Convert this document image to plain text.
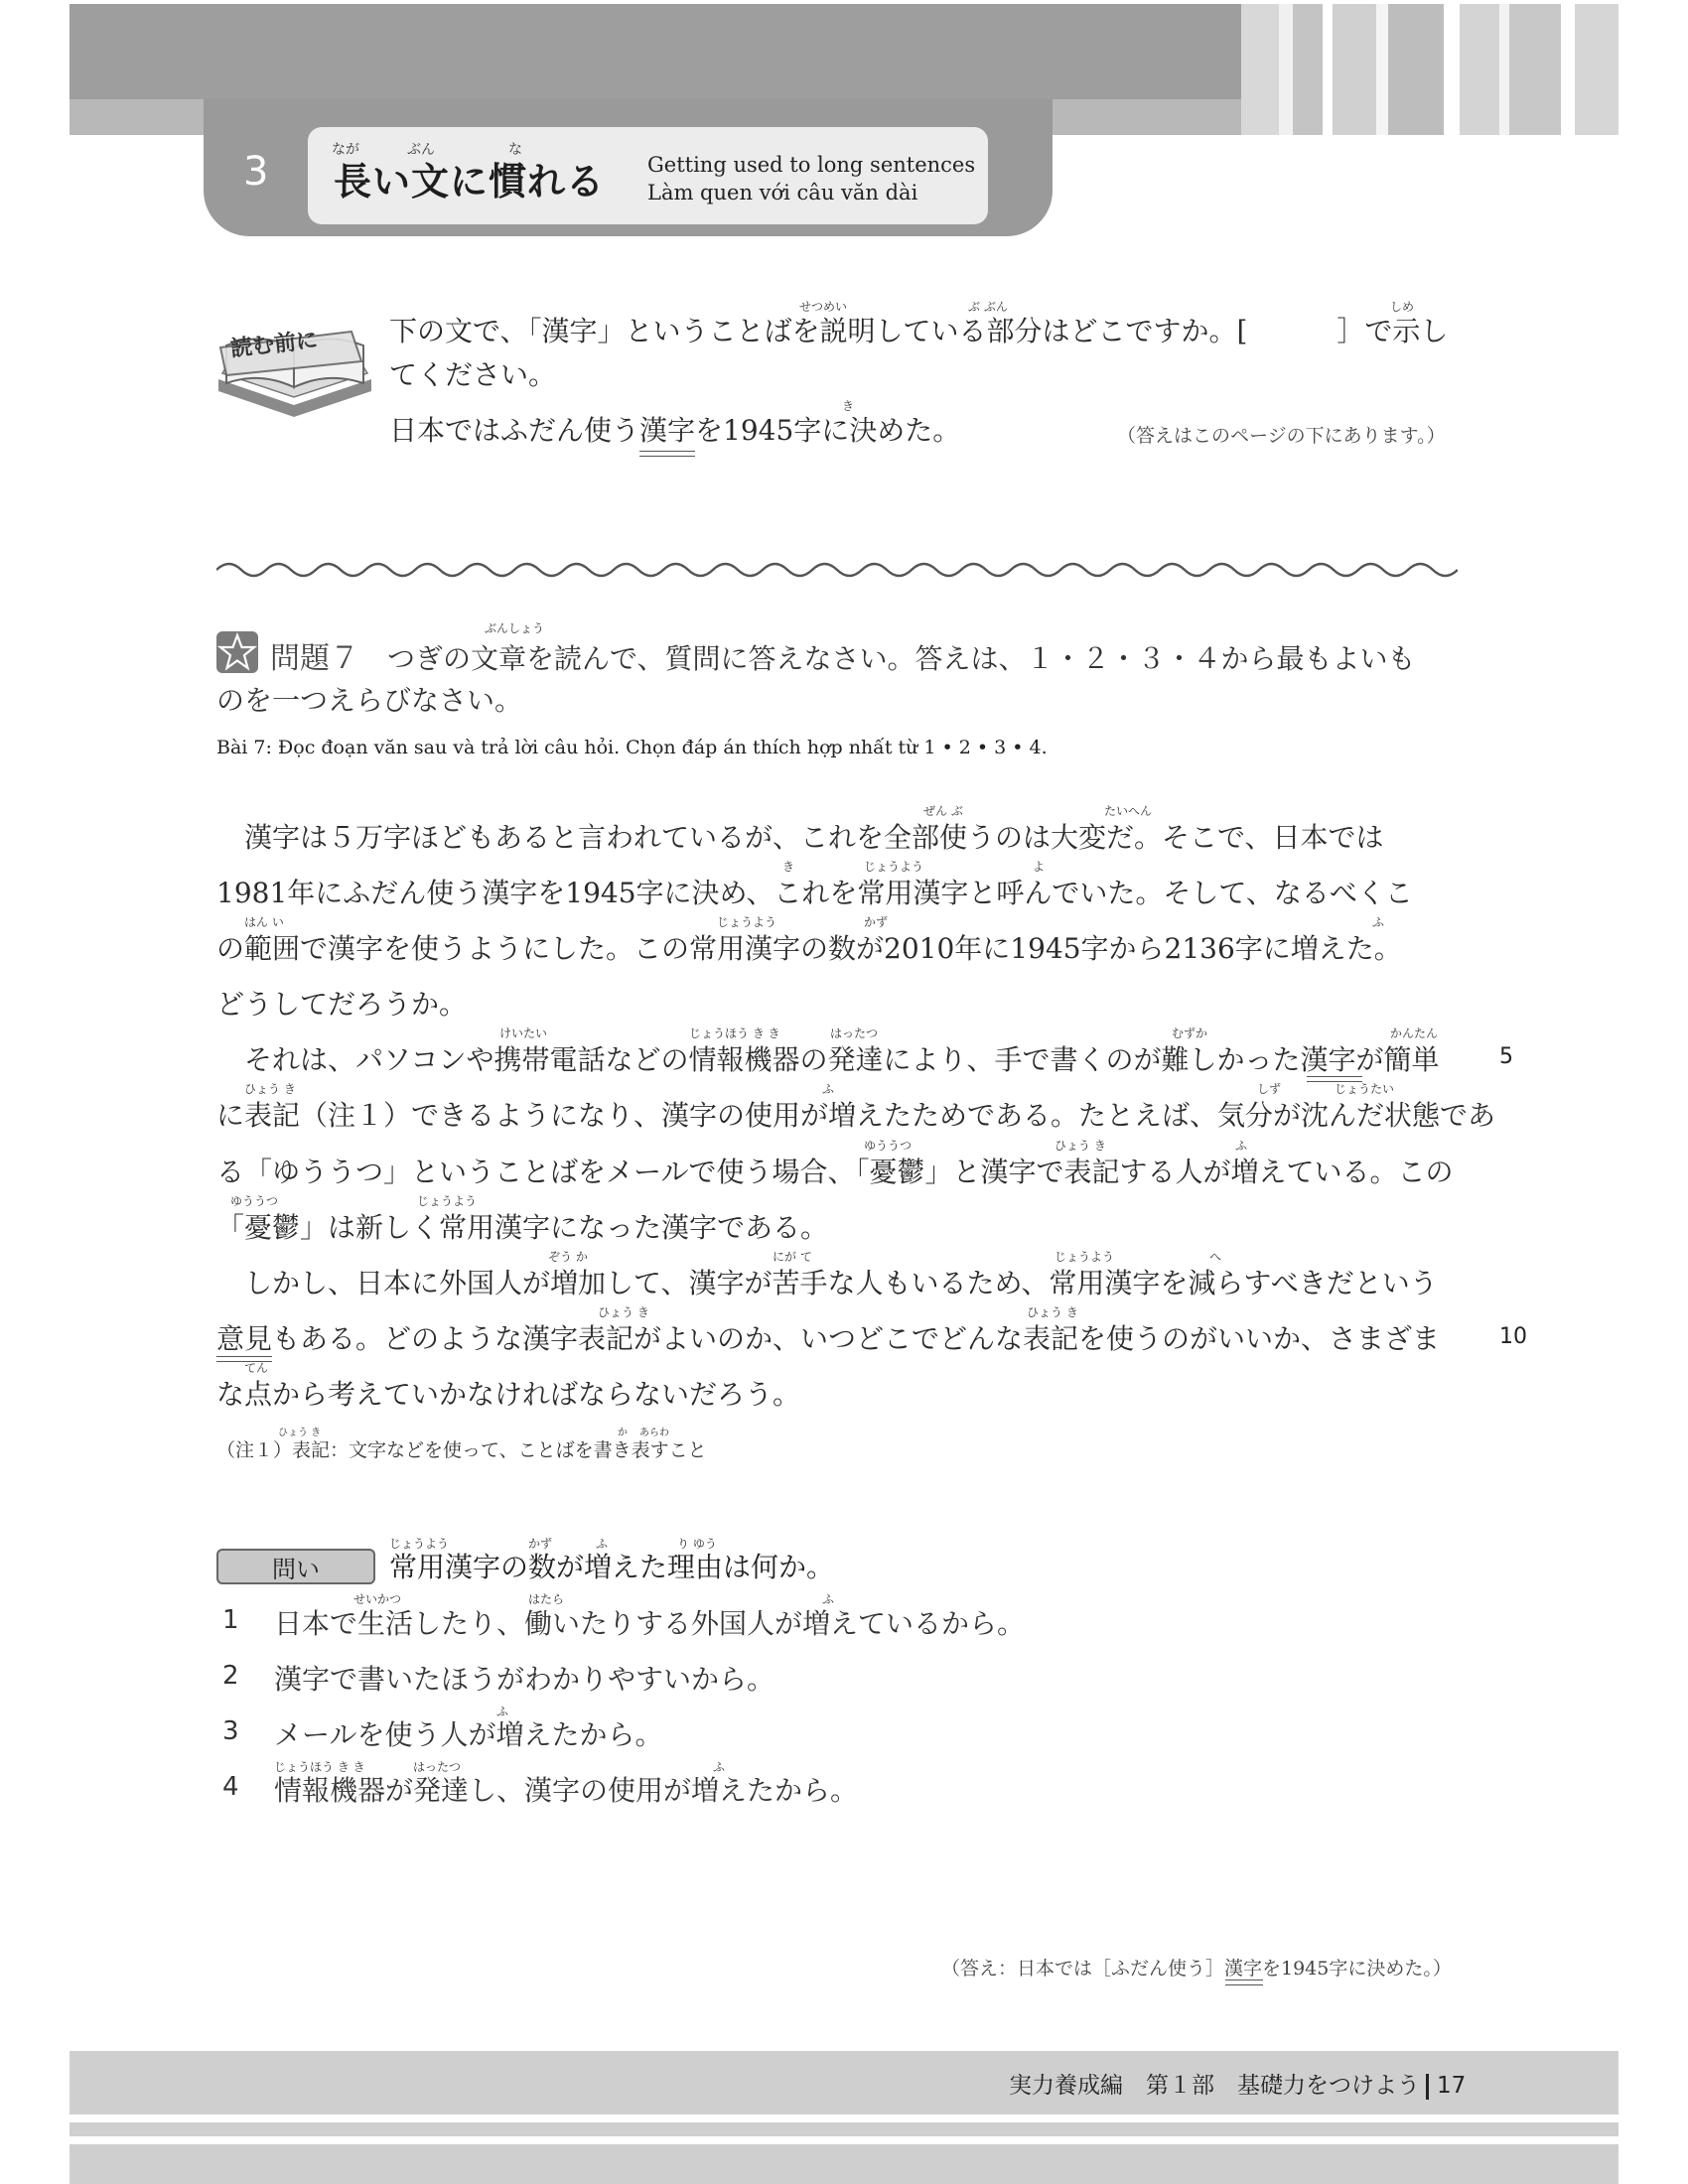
3	なが	ぶん	な
長い文に慣れる Getting used to long sentences
Làm quen với câu văn dài
読む前に
せつめい	ぶ ぶん	しめ
下の文で、「漢字」ということばを説明している部分はどこですか。[	］で示し
てください。
き
日本ではふだん使う漢字を1945字に決めた。	（答えはこのページの下にあります。）
ぶんしょう
問題７　 つぎの文章を読んで、質問に答えなさい。答えは、１・２・３・４から最もよいも
のを一つえらびなさい。
Bài 7: Đọc đoạn văn sau và trả lời câu hỏi. Chọn đáp án thích hợp nhất từ 1 • 2 • 3 • 4.
ぜん ぶ	たいへん
き	じょうよう	よ
はん い	じょうよう	かず	ふ
けいたい	じょうほう き き	はったつ	むずか	かんたん
ひょう き	ふ	しず	じょうたい
ゆううつ	ひょう き	ふ
ゆううつ	じょうよう
ぞう か	にが て	じょうよう	へ
ひょう き	ひょう き
てん
　漢字は５万字ほどもあると言われているが、これを全部使うのは大変だ。そこで、日本では
1981年にふだん使う漢字を1945字に決め、これを常用漢字と呼んでいた。そして、なるべくこ
の範囲で漢字を使うようにした。この常用漢字の数が2010年に1945字から2136字に増えた。
どうしてだろうか。
　それは、パソコンや携帯電話などの情報機器の発達により、手で書くのが難しかった漢字が簡単
に表記（注１）できるようになり、漢字の使用が増えたためである。たとえば、気分が沈んだ状態であ
る「ゆううつ」ということばをメールで使う場合、「憂鬱」と漢字で表記する人が増えている。この
「憂鬱」は新しく常用漢字になった漢字である。
　しかし、日本に外国人が増加して、漢字が苦手な人もいるため、常用漢字を減らすべきだという
意見もある。どのような漢字表記がよいのか、いつどこでどんな表記を使うのがいいか、さまざま
な点から考えていかなければならないだろう。
5
10
ひょう き	か あらわ
（注１）表記：文字などを使って、ことばを書き表すこと
問い
じょうよう	かず	ふ	り ゆう
常用漢字の数が増えた理由は何か。
せいかつ	はたら	ふ
1 日本で生活したり、働いたりする外国人が増えているから。
2 漢字で書いたほうがわかりやすいから。
ふ
3 メールを使う人が増えたから。
じょうほう き き	はったつ	ふ
4 情報機器が発達し、漢字の使用が増えたから。
（答え：日本では［ふだん使う］漢字を1945字に決めた。）
実力養成編　第１部　基礎力をつけよう 17
